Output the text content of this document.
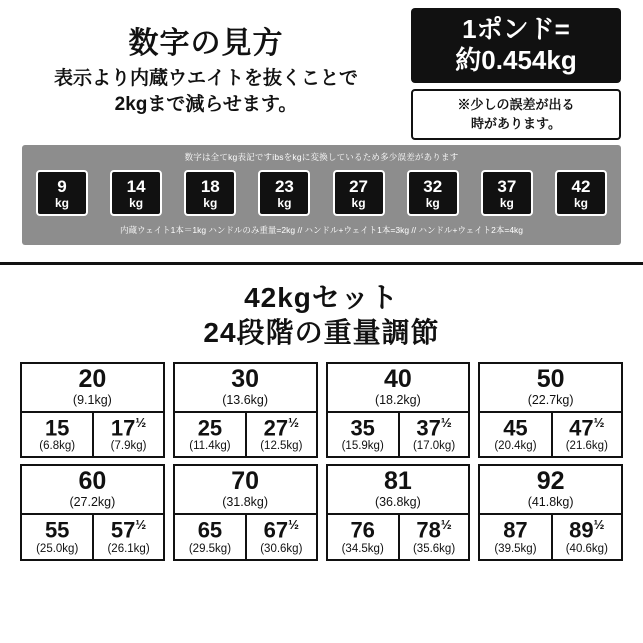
数字の見方
表示より内蔵ウエイトを抜くことで
2kgまで減らせます。
1ポンド=
約0.454kg
※少しの誤差が出る
時があります。
数字は全てkg表記ですibsをkgに変換しているため多少誤差があります
9
kg
14
kg
18
kg
23
kg
27
kg
32
kg
37
kg
42
kg
内蔵ウェイト1本＝1kg ハンドルのみ重量=2kg // ハンドル+ウェイト1本=3kg // ハンドル+ウェイト2本=4kg
42kgセット
24段階の重量調節
20
(9.1kg)
15
(6.8kg)
$17^{\frac{1}{2}}$
(7.9kg)
30
(13.6kg)
25
(11.4kg)
$27^{\frac{1}{2}}$
(12.5kg)
40
(18.2kg)
35
(15.9kg)
$37^{\frac{1}{2}}$
(17.0kg)
50
(22.7kg)
45
(20.4kg)
$47^{\frac{1}{2}}$
(21.6kg)
60
(27.2kg)
55
(25.0kg)
$57^{\frac{1}{2}}$
(26.1kg)
70
(31.8kg)
65
(29.5kg)
$67^{\frac{1}{2}}$
(30.6kg)
81
(36.8kg)
76
(34.5kg)
$78^{\frac{1}{2}}$
(35.6kg)
92
(41.8kg)
87
(39.5kg)
$89^{\frac{1}{2}}$
(40.6kg)
